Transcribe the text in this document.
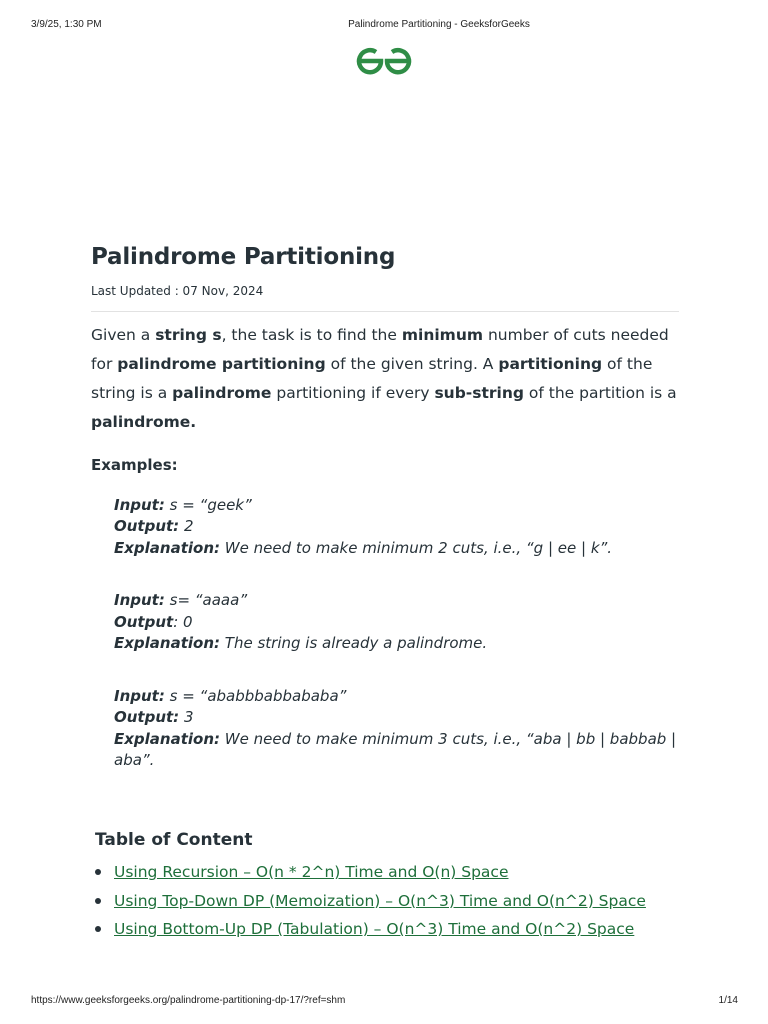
3/9/25, 1:30 PM	Palindrome Partitioning - GeeksforGeeks
Palindrome Partitioning
Last Updated : 07 Nov, 2024

Given a string s, the task is to find the minimum number of cuts needed for palindrome partitioning of the given string. A partitioning of the string is a palindrome partitioning if every sub-string of the partition is a palindrome.

Examples:
Input: s = “geek”
Output: 2
Explanation: We need to make minimum 2 cuts, i.e., “g | ee | k”.
Input: s= “aaaa”
Output: 0
Explanation: The string is already a palindrome.
Input: s = “ababbbabbababa”
Output: 3
Explanation: We need to make minimum 3 cuts, i.e., “aba | bb | babbab | aba”.
Table of Content
Using Recursion – O(n * 2^n) Time and O(n) Space
Using Top-Down DP (Memoization) – O(n^3) Time and O(n^2) Space
Using Bottom-Up DP (Tabulation) – O(n^3) Time and O(n^2) Space
https://www.geeksforgeeks.org/palindrome-partitioning-dp-17/?ref=shm	1/14
